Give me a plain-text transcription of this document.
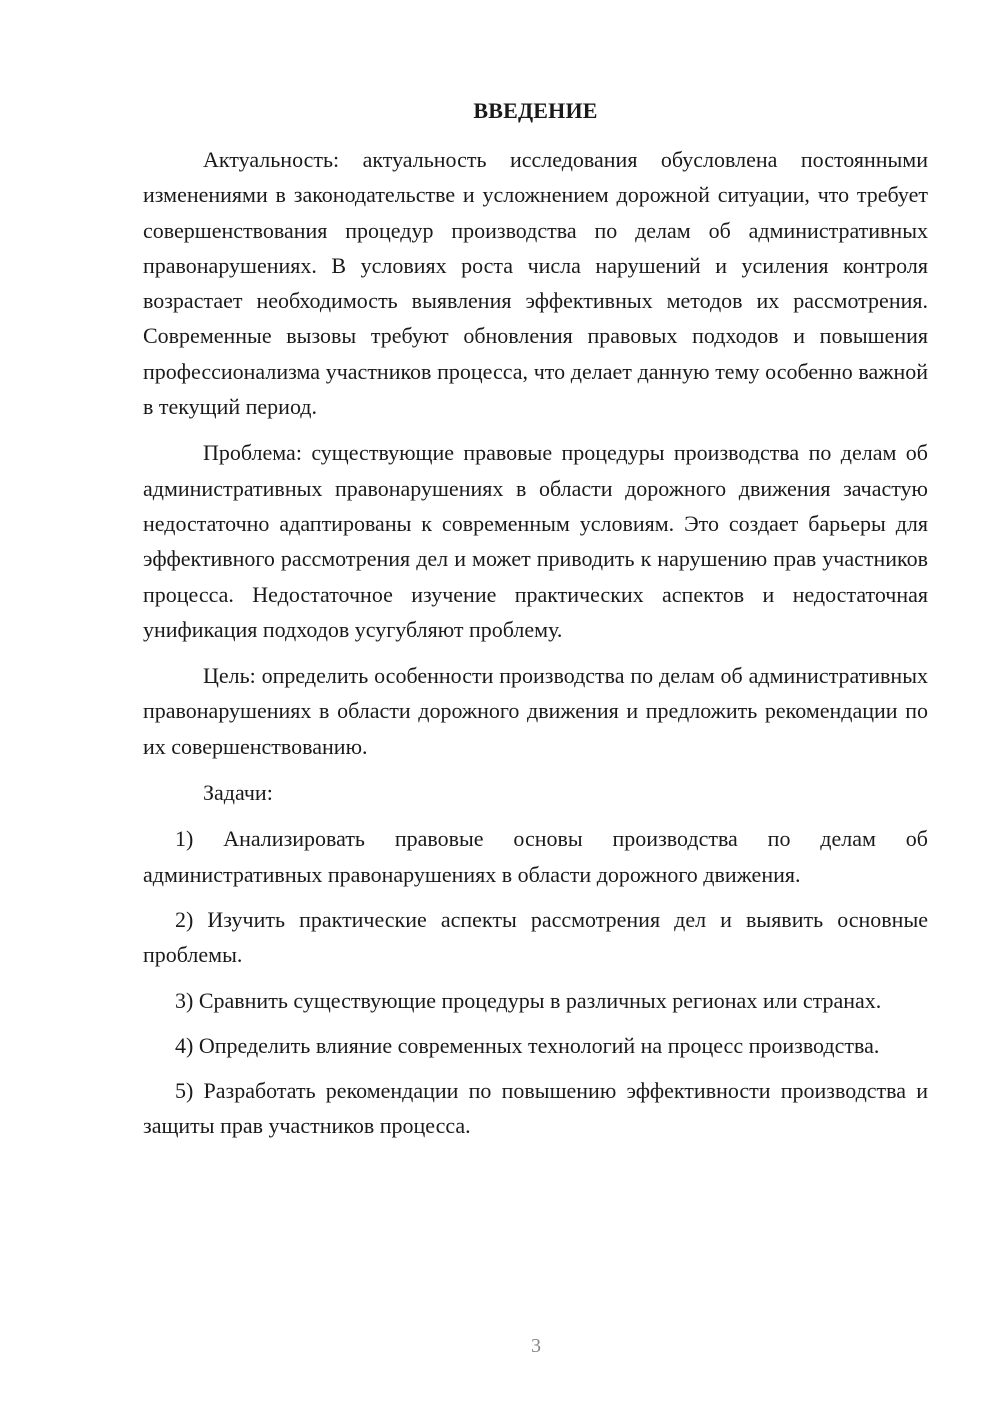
ВВЕДЕНИЕ

Актуальность: актуальность исследования обусловлена постоянными изменениями в законодательстве и усложнением дорожной ситуации, что требует совершенствования процедур производства по делам об административных правонарушениях. В условиях роста числа нарушений и усиления контроля возрастает необходимость выявления эффективных методов их рассмотрения. Современные вызовы требуют обновления правовых подходов и повышения профессионализма участников процесса, что делает данную тему особенно важной в текущий период.

Проблема: существующие правовые процедуры производства по делам об административных правонарушениях в области дорожного движения зачастую недостаточно адаптированы к современным условиям. Это создает барьеры для эффективного рассмотрения дел и может приводить к нарушению прав участников процесса. Недостаточное изучение практических аспектов и недостаточная унификация подходов усугубляют проблему.

Цель: определить особенности производства по делам об административных правонарушениях в области дорожного движения и предложить рекомендации по их совершенствованию.

Задачи:

1) Анализировать правовые основы производства по делам об административных правонарушениях в области дорожного движения.

2) Изучить практические аспекты рассмотрения дел и выявить основные проблемы.

3) Сравнить существующие процедуры в различных регионах или странах.

4) Определить влияние современных технологий на процесс производства.

5) Разработать рекомендации по повышению эффективности производства и защиты прав участников процесса.

3
